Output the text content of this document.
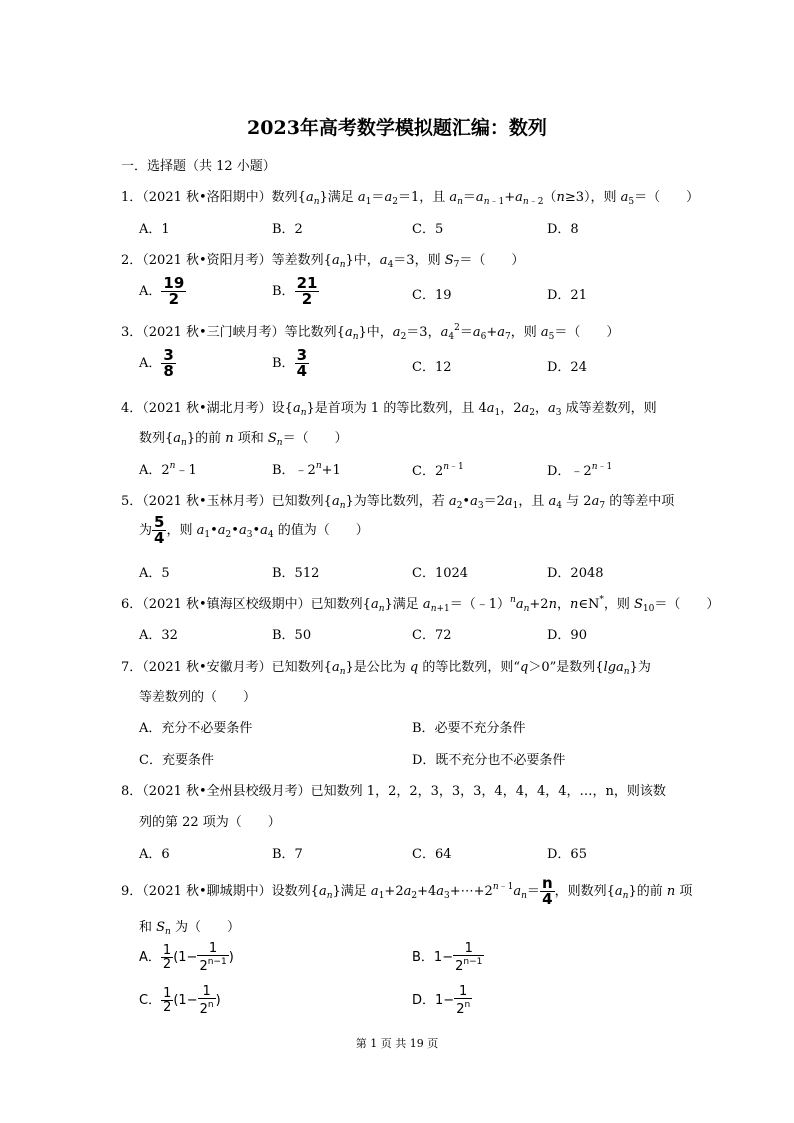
2023年高考数学模拟题汇编：数列
一．选择题（共 12 小题）
1．（2021 秋•洛阳期中）数列$\{a_n\}$满足 $a_1=a_2=1$，且 $a_n=a_{n﹣1}+a_{n﹣2}(n\ge 3)$，则 $a_5=$（　　）
A．1	B．2	C．5	D．8
2．（2021 秋•资阳月考）等差数列$\{a_n\}$中，$a_4=3$，则 $S_7=$（　　）
A． $\frac{19}{2}$	B． $\frac{21}{2}$	C．19	D．21
3．（2021 秋•三门峡月考）等比数列$\{a_n\}$中，$a_2=3$，$a_4^2=a_6+a_7$，则 $a_5=$（　　）
A． $\frac{3}{8}$	B． $\frac{3}{4}$	C．12	D．24
4．（2021 秋•湖北月考）设$\{a_n\}$是首项为 1 的等比数列，且 $4a_1$，$2a_2$，$a_3$ 成等差数列，则
数列$\{a_n\}$的前 n 项和 $S_n=$（　　）
A．2$^n$﹣1	B．$﹣2^n+1$	C．$2^{n﹣1}$	D．$﹣2^{n﹣1}$
5．（2021 秋•玉林月考）已知数列$\{a_n\}$为等比数列，若 $a_2•a_3=2a_1$，且 $a_4$ 与 $2a_7$ 的等差中项
为 $\frac{5}{4}$ ，则 $a_1•a_2•a_3•a_4$ 的值为（　　）
A．5	B．512	C．1024	D．2048
6．（2021 秋•镇海区校级期中）已知数列$\{a_n\}$满足 $a_{n+1}=(﹣1)^na_n+2n$，n∈N*，则 $S_{10}=$（　　）
A．32	B．50	C．72	D．90
7．（2021 秋•安徽月考）已知数列$\{a_n\}$是公比为 q 的等比数列，则“q＞0”是数列{lga$_n$}为
等差数列的（　　）
A．充分不必要条件	B．必要不充分条件
C．充要条件	D．既不充分也不必要条件
8．（2021 秋•全州县校级月考）已知数列 1，2，2，3，3，3，4，4，4，4，…，n，则该数
列的第 22 项为（　　）
A．6	B．7	C．64	D．65
9．（2021 秋•聊城期中）设数列$\{a_n\}$满足 $a_1+2a_2+4a_3+\cdots+2^{n﹣1}a_n= \frac{n}{4}$ ，则数列$\{a_n\}$的前 n 项
和 $S_n$ 为（　　）
A． $\frac{1}{2} (1- \frac{1}{2^{n-1}}$ )	B．$1- \frac{1}{2^{n-1}}$
C． $\frac{1}{2} (1- \frac{1}{2^n}$ )	D．$1- \frac{1}{2^n}$
第 1 页 共 19 页
